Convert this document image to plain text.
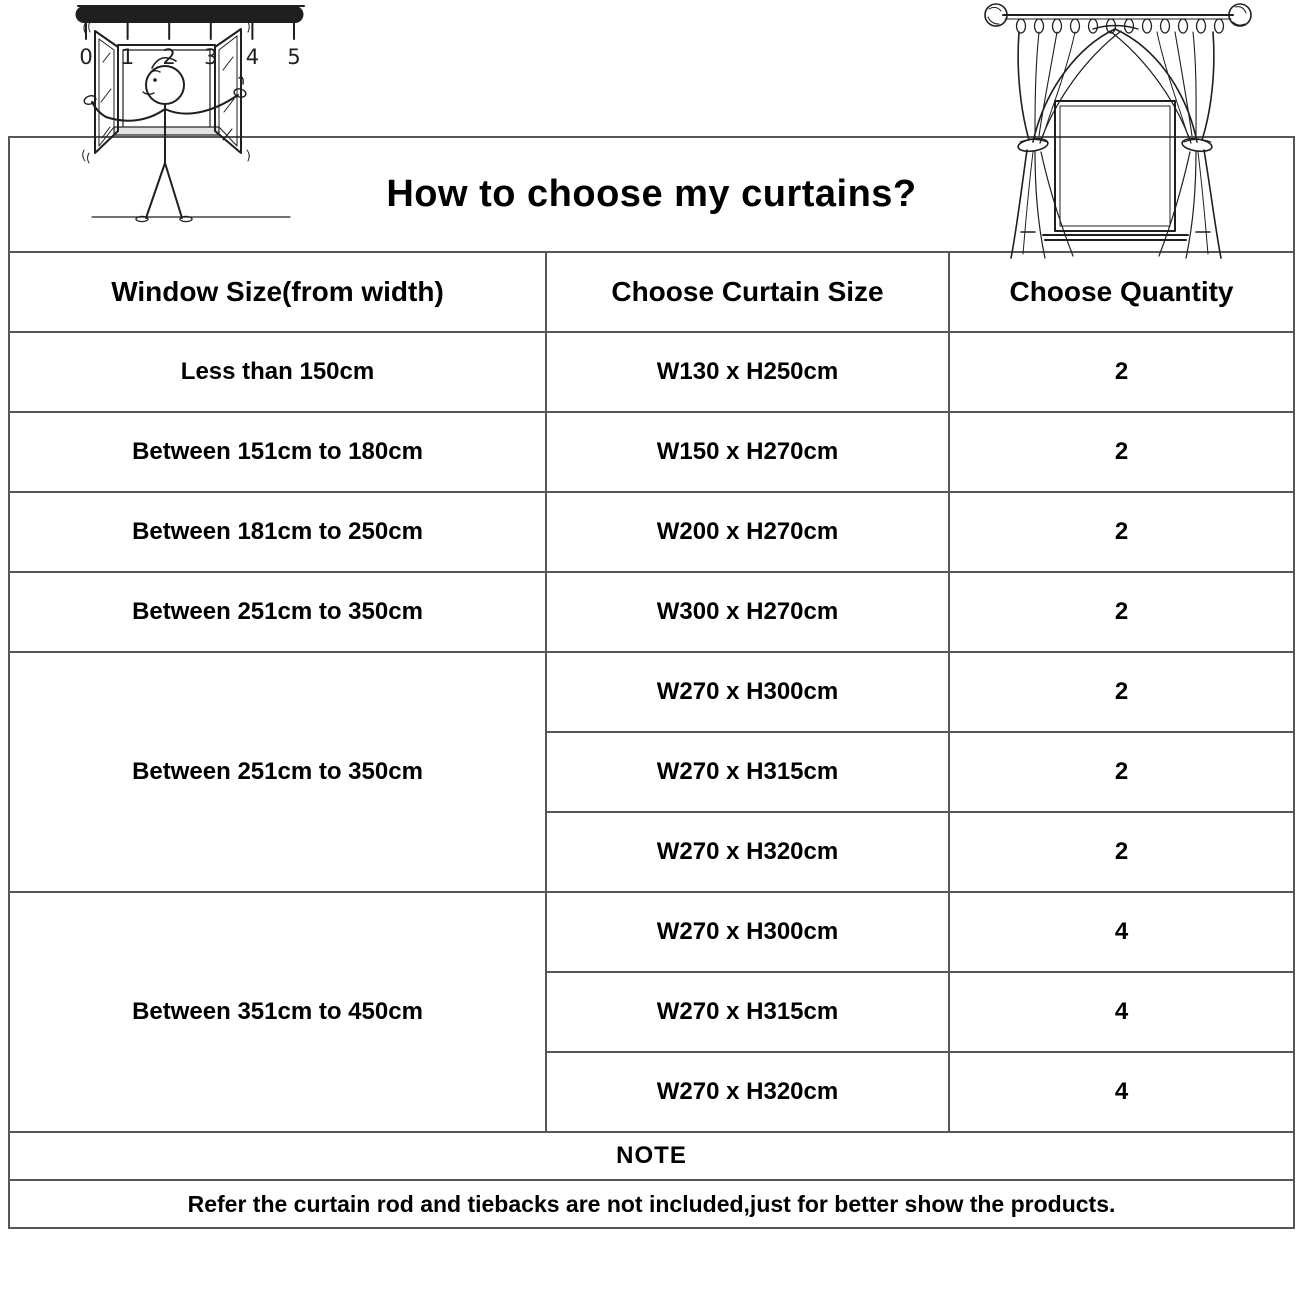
How to choose my curtains?		
Window Size(from width)	Choose Curtain Size	Choose Quantity
Less than 150cm	W130 x H250cm	2
Between 151cm to 180cm	W150 x H270cm	2
Between 181cm to 250cm	W200 x H270cm	2
Between 251cm to 350cm	W300 x H270cm	2
Between 251cm to 350cm	W270 x H300cm	2
	W270 x H315cm	2
	W270 x H320cm	2
Between 351cm to 450cm	W270 x H300cm	4
	W270 x H315cm	4
	W270 x H320cm	4
NOTE		
Refer the curtain rod and tiebacks are not included,just for better show the products.		
0 1 2 3 4 5
